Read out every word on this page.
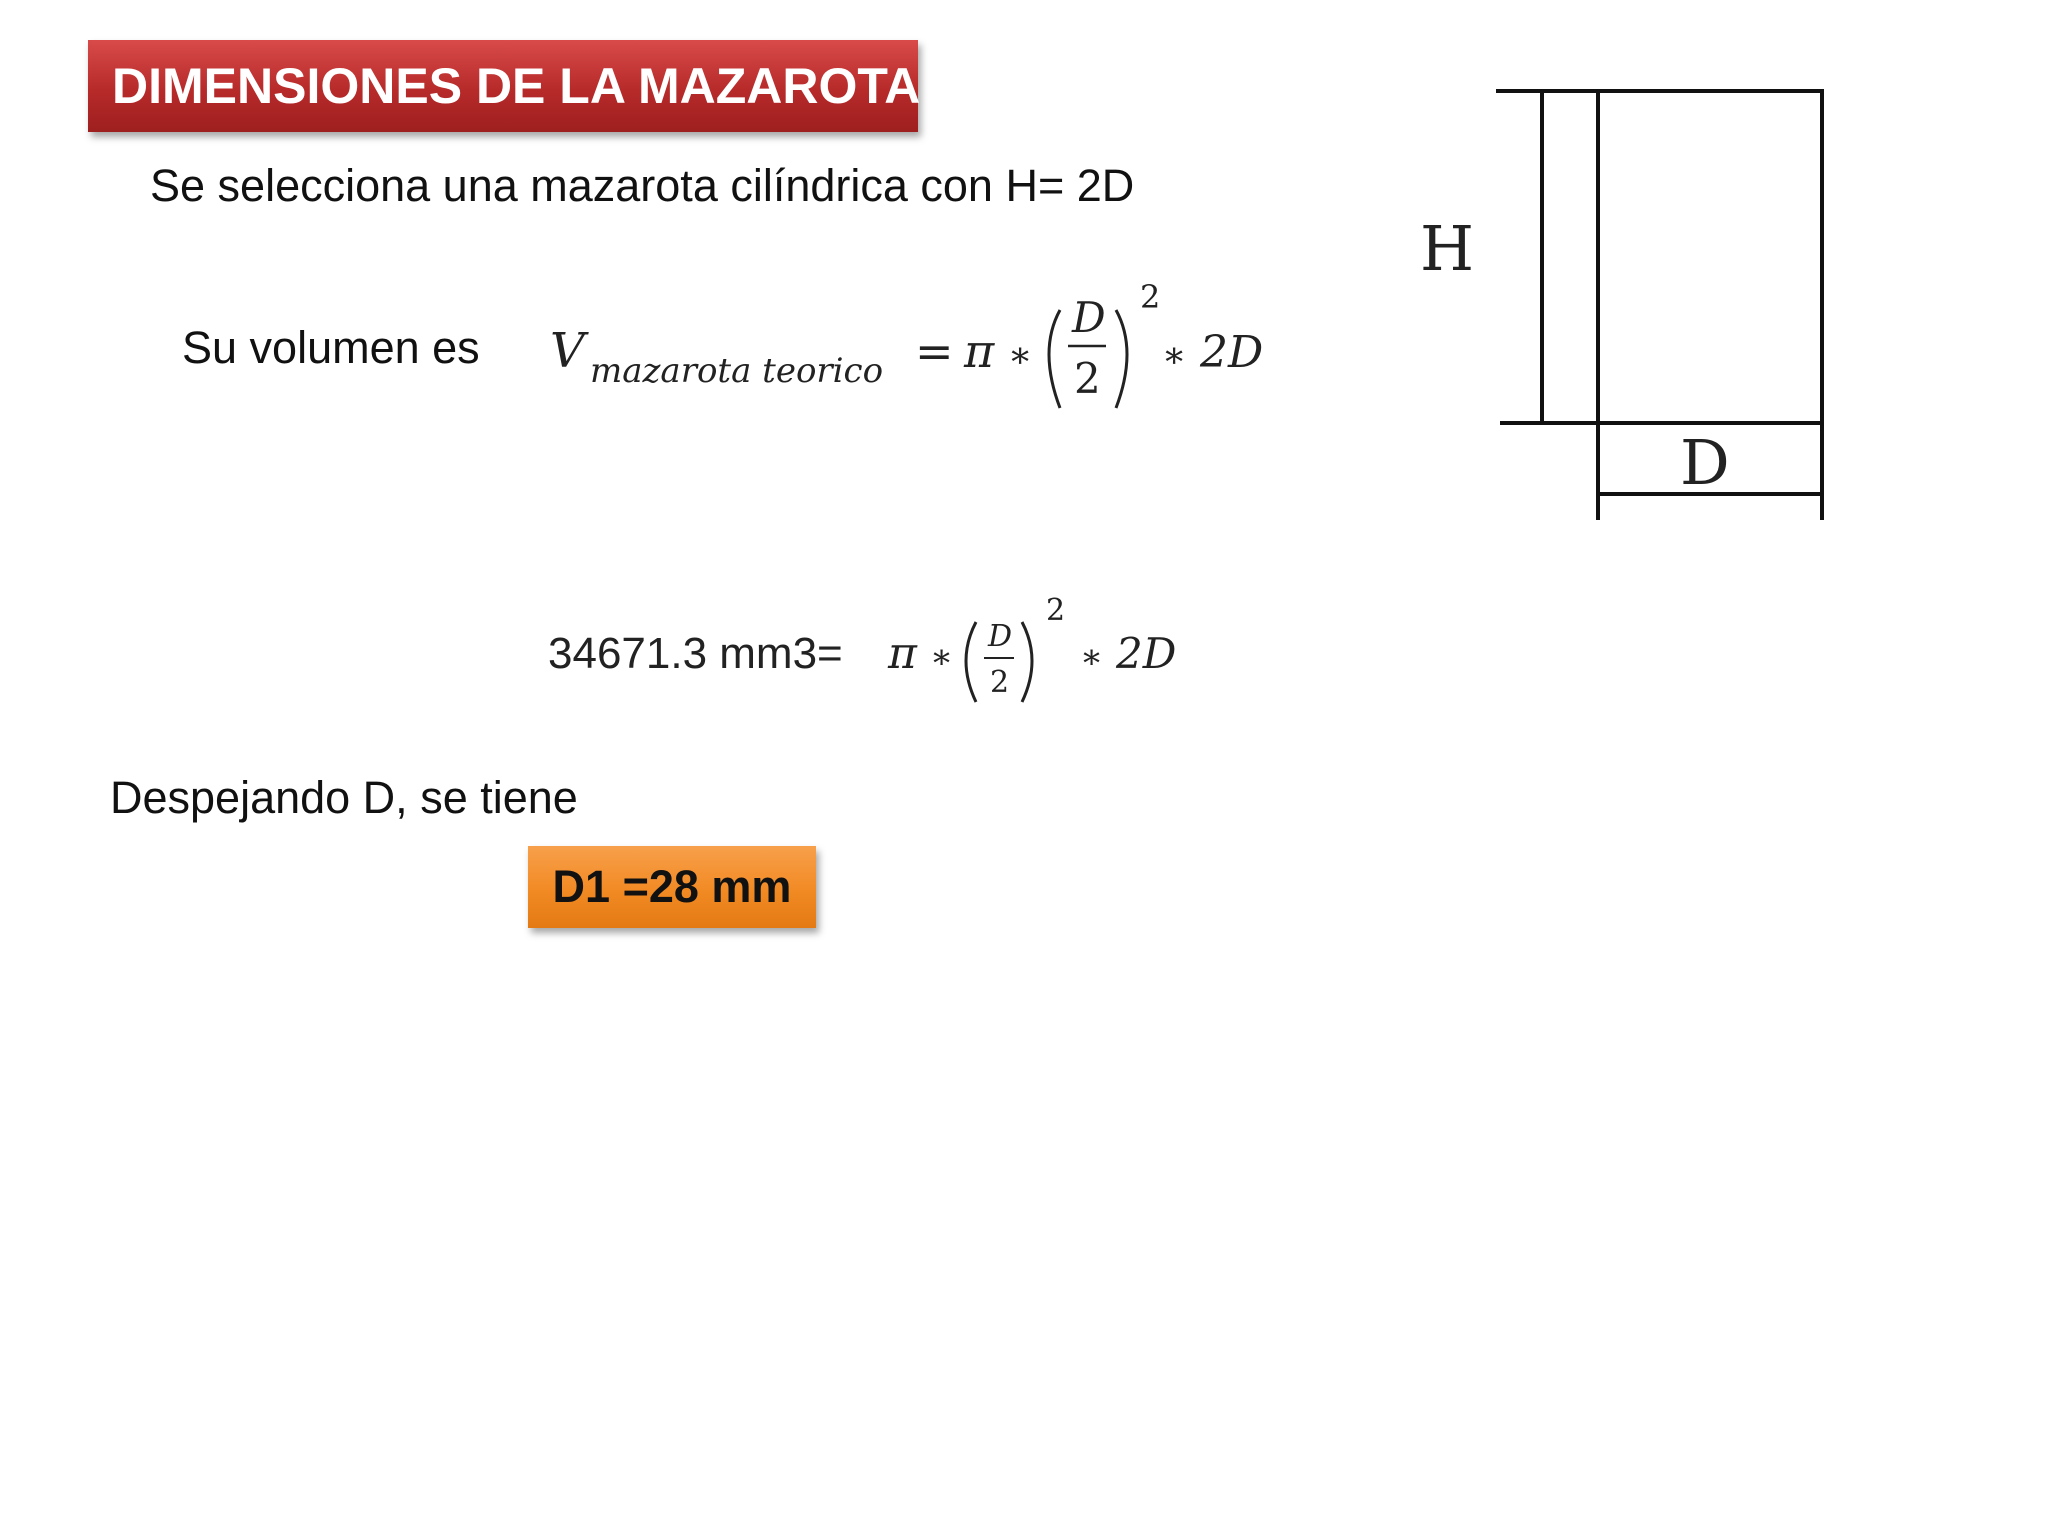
DIMENSIONES DE LA MAZAROTA
Se selecciona una mazarota cilíndrica con H= 2D
Su volumen es V mazarota teorico = π ∗
D
2
2
∗ 2D
34671.3 mm3= π ∗
D
2
2
∗ 2D
Despejando D, se tiene
D1 =28 mm
H
D
